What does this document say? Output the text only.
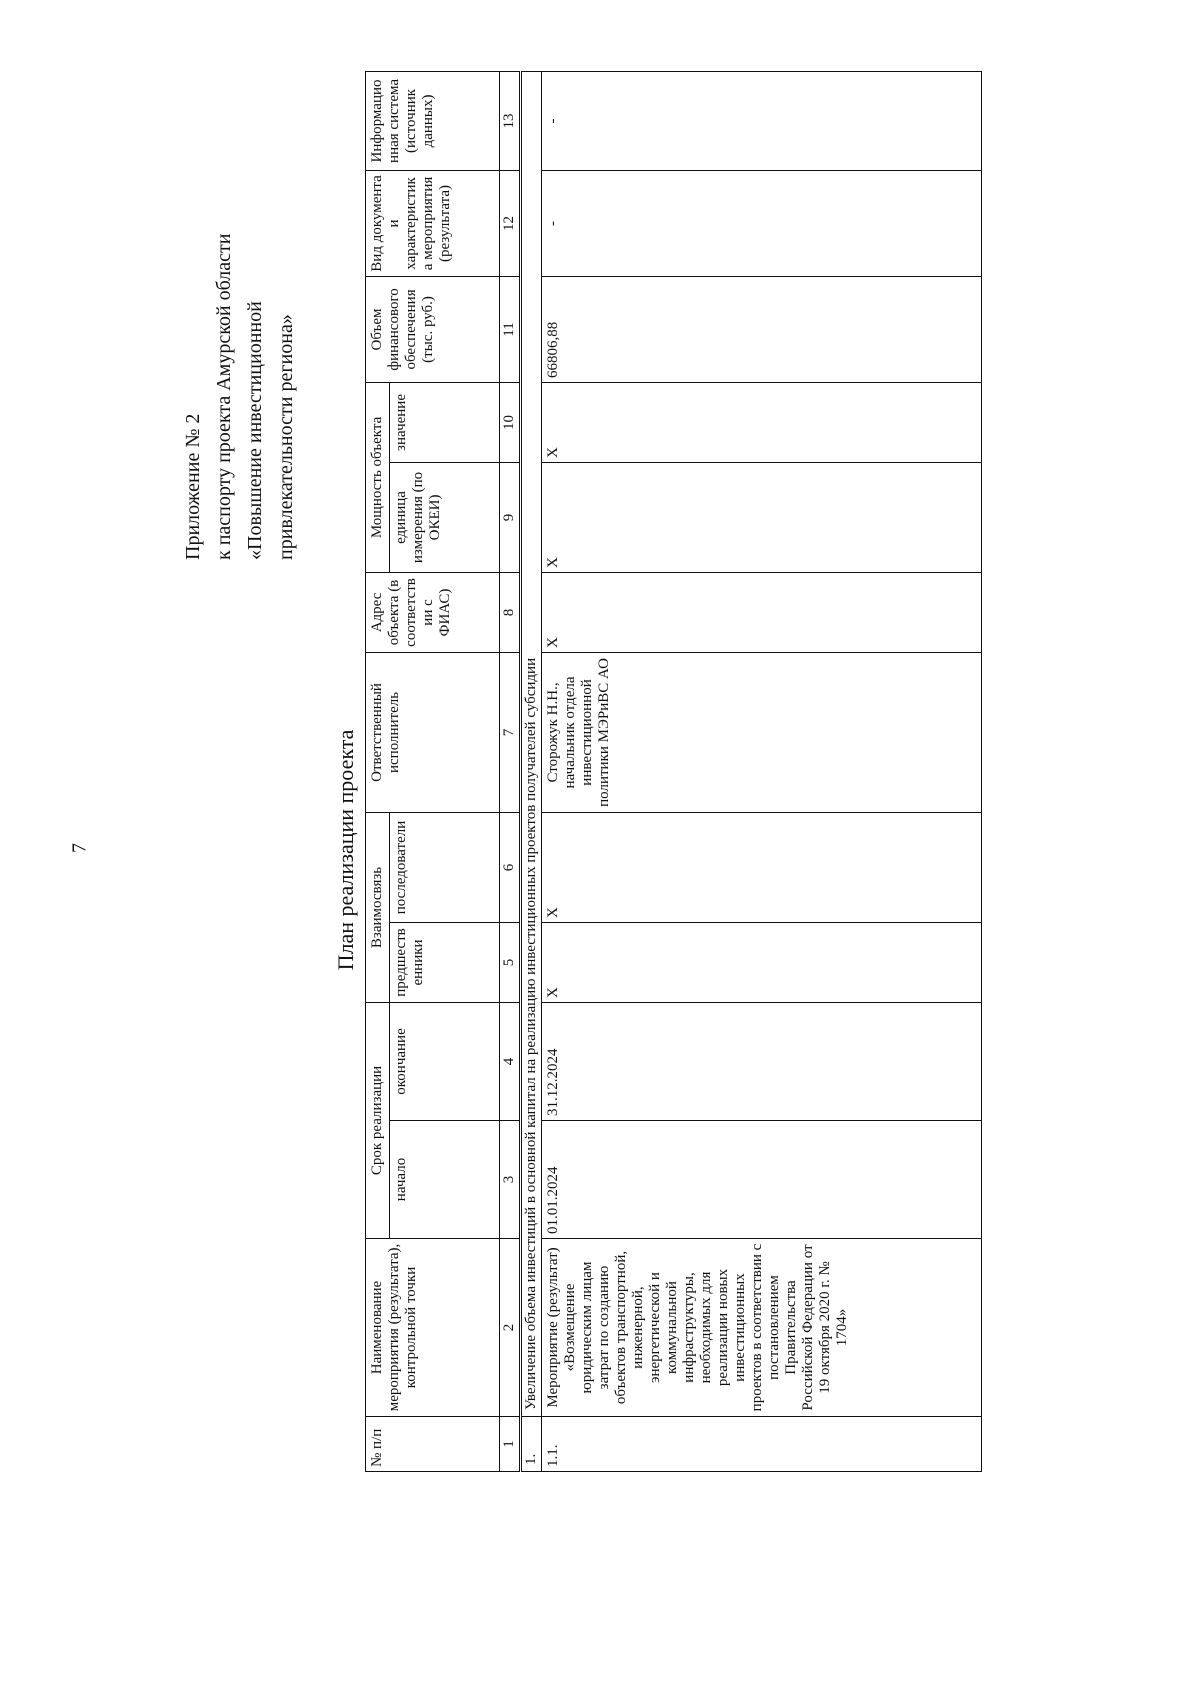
7
Приложение № 2 к паспорту проекта Амурской области «Повышение инвестиционной привлекательности региона»
План реализации проекта
№ п/п	Наименование мероприятия (результата), контрольной точки	Срок реализации		Взаимосвязь		Ответственный исполнитель	Адрес объекта (в соответствии с ФИАС)	Мощность объекта		Объем финансового обеспечения (тыс. руб.)	Вид документа и характеристика мероприятия (результата)	Информационная система (источник данных)
		начало	окончание	предшественники	последователи			единица измерения (по ОКЕИ)	значение			
1	2	3	4	5	6	7	8	9	10	11	12	13
1.	Увеличение объема инвестиций в основной капитал на реализацию инвестиционных проектов получателей субсидии											
1.1.	Мероприятие (результат) «Возмещение юридическим лицам затрат по созданию объектов транспортной, инженерной, энергетической и коммунальной инфраструктуры, необходимых для реализации новых инвестиционных проектов в соответствии с постановлением Правительства Российской Федерации от 19 октября 2020 г. № 1704»	01.01.2024	31.12.2024	X	X	Сторожук Н.Н., начальник отдела инвестиционной политики МЭРиВС АО	X	X	X	66806,88	-	-
